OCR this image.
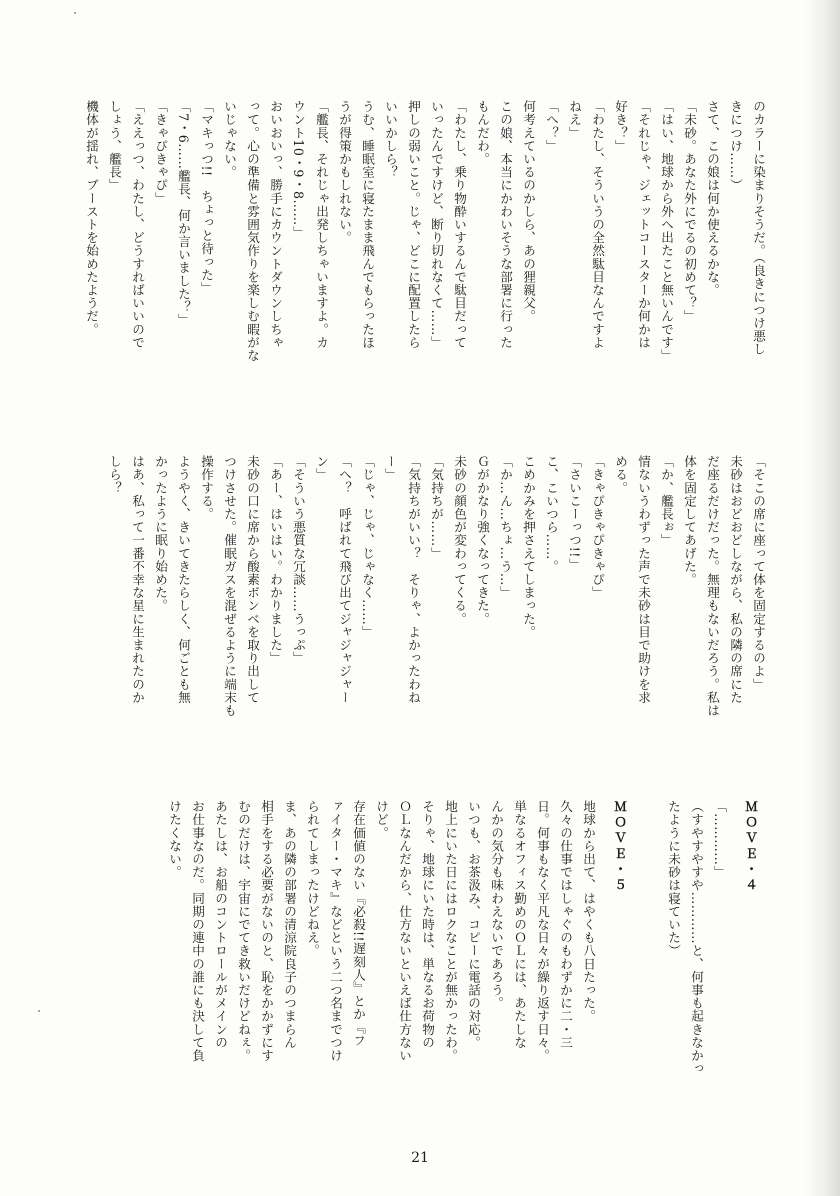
のカラーに染まりそうだ。（良きにつけ悪し
きにつけ……）
さて、この娘は何か使えるかな。
「未砂。あなた外にでるの初めて？」
「はい、地球から外へ出たこと無いんです」
「それじゃ、ジェットコースターか何かは
好き？」
「わたし、そういうの全然駄目なんですよ
ねえ」
「へ？」
何考えているのかしら、あの狸親父。
この娘、本当にかわいそうな部署に行った
もんだわ。
「わたし、乗り物酔いするんで駄目だって
いったんですけど、断り切れなくて……」
押しの弱いこと。じゃ、どこに配置したら
いいかしら？
うむ、睡眠室に寝たまま飛んでもらったほ
うが得策かもしれない。
「艦長、それじゃ出発しちゃいますよ。カ
ウント10・9・8……」
おいおいっ、勝手にカウントダウンしちゃ
って。心の準備と雰囲気作りを楽しむ暇がな
いじゃない。
「マキっつ!!　ちょっと待った」
「7・6……艦長、何か言いました？」
「きゃぴきゃぴ」
「ええっつ、わたし、どうすればいいので
しょう、艦長」
機体が揺れ、ブーストを始めたようだ。
「そこの席に座って体を固定するのよ」
未砂はおどおどしながら、私の隣の席にた
だ座るだけだった。無理もないだろう。私は
体を固定してあげた。
「か、艦長ぉ」
情ないうわずった声で未砂は目で助けを求
める。
「きゃぴきゃぴきゃぴ」
「さいこーっつ!!」
こ、こいつら……。
こめかみを押さえてしまった。
「か…ん…ちょ…う…」
Ｇがかなり強くなってきた。
未砂の顔色が変わってくる。
「気持ちが……」
「気持ちがいい？　そりゃ、よかったわね
ー」
「じゃ、じゃ、じゃなく……」
「へ？　呼ばれて飛び出てジャジャジャー
ン」
「そういう悪質な冗談……うっぷ」
「あー、はいはい。わかりました」
未砂の口に席から酸素ボンベを取り出して
つけさせた。催眠ガスを混ぜるように端末も
操作する。
ようやく、きいてきたらしく、何ごとも無
かったように眠り始めた。
はあ、私って一番不幸な星に生まれたのか
しら？
ＭＯＶＥ・４
「…………」
（すやすやすや…………と、何事も起きなかっ
たように未砂は寝ていた）

ＭＯＶＥ・５
地球から出て、はやくも八日たった。
久々の仕事ではしゃぐのもわずかに二・三
日。何事もなく平凡な日々が繰り返す日々。
単なるオフィス勤めのＯＬには、あたしな
んかの気分も味わえないであろう。
いつも、お茶汲み、コピーに電話の対応。
地上にいた日にはロクなことが無かったわ。
そりゃ、地球にいた時は、単なるお荷物の
ＯＬなんだから、仕方ないといえば仕方ない
けど。
存在価値のない『必殺!!遅刻人』とか『フ
ァイター・マキ』などという二つ名までつけ
られてしまったけどねえ。
ま、あの隣の部署の清涼院良子のつまらん
相手をする必要がないのと、恥をかかずにす
むのだけは、宇宙にでてき救いだけどねぇ。
あたしは、お船のコントロールがメインの
お仕事なのだ。同期の連中の誰にも決して負
けたくない。
21
